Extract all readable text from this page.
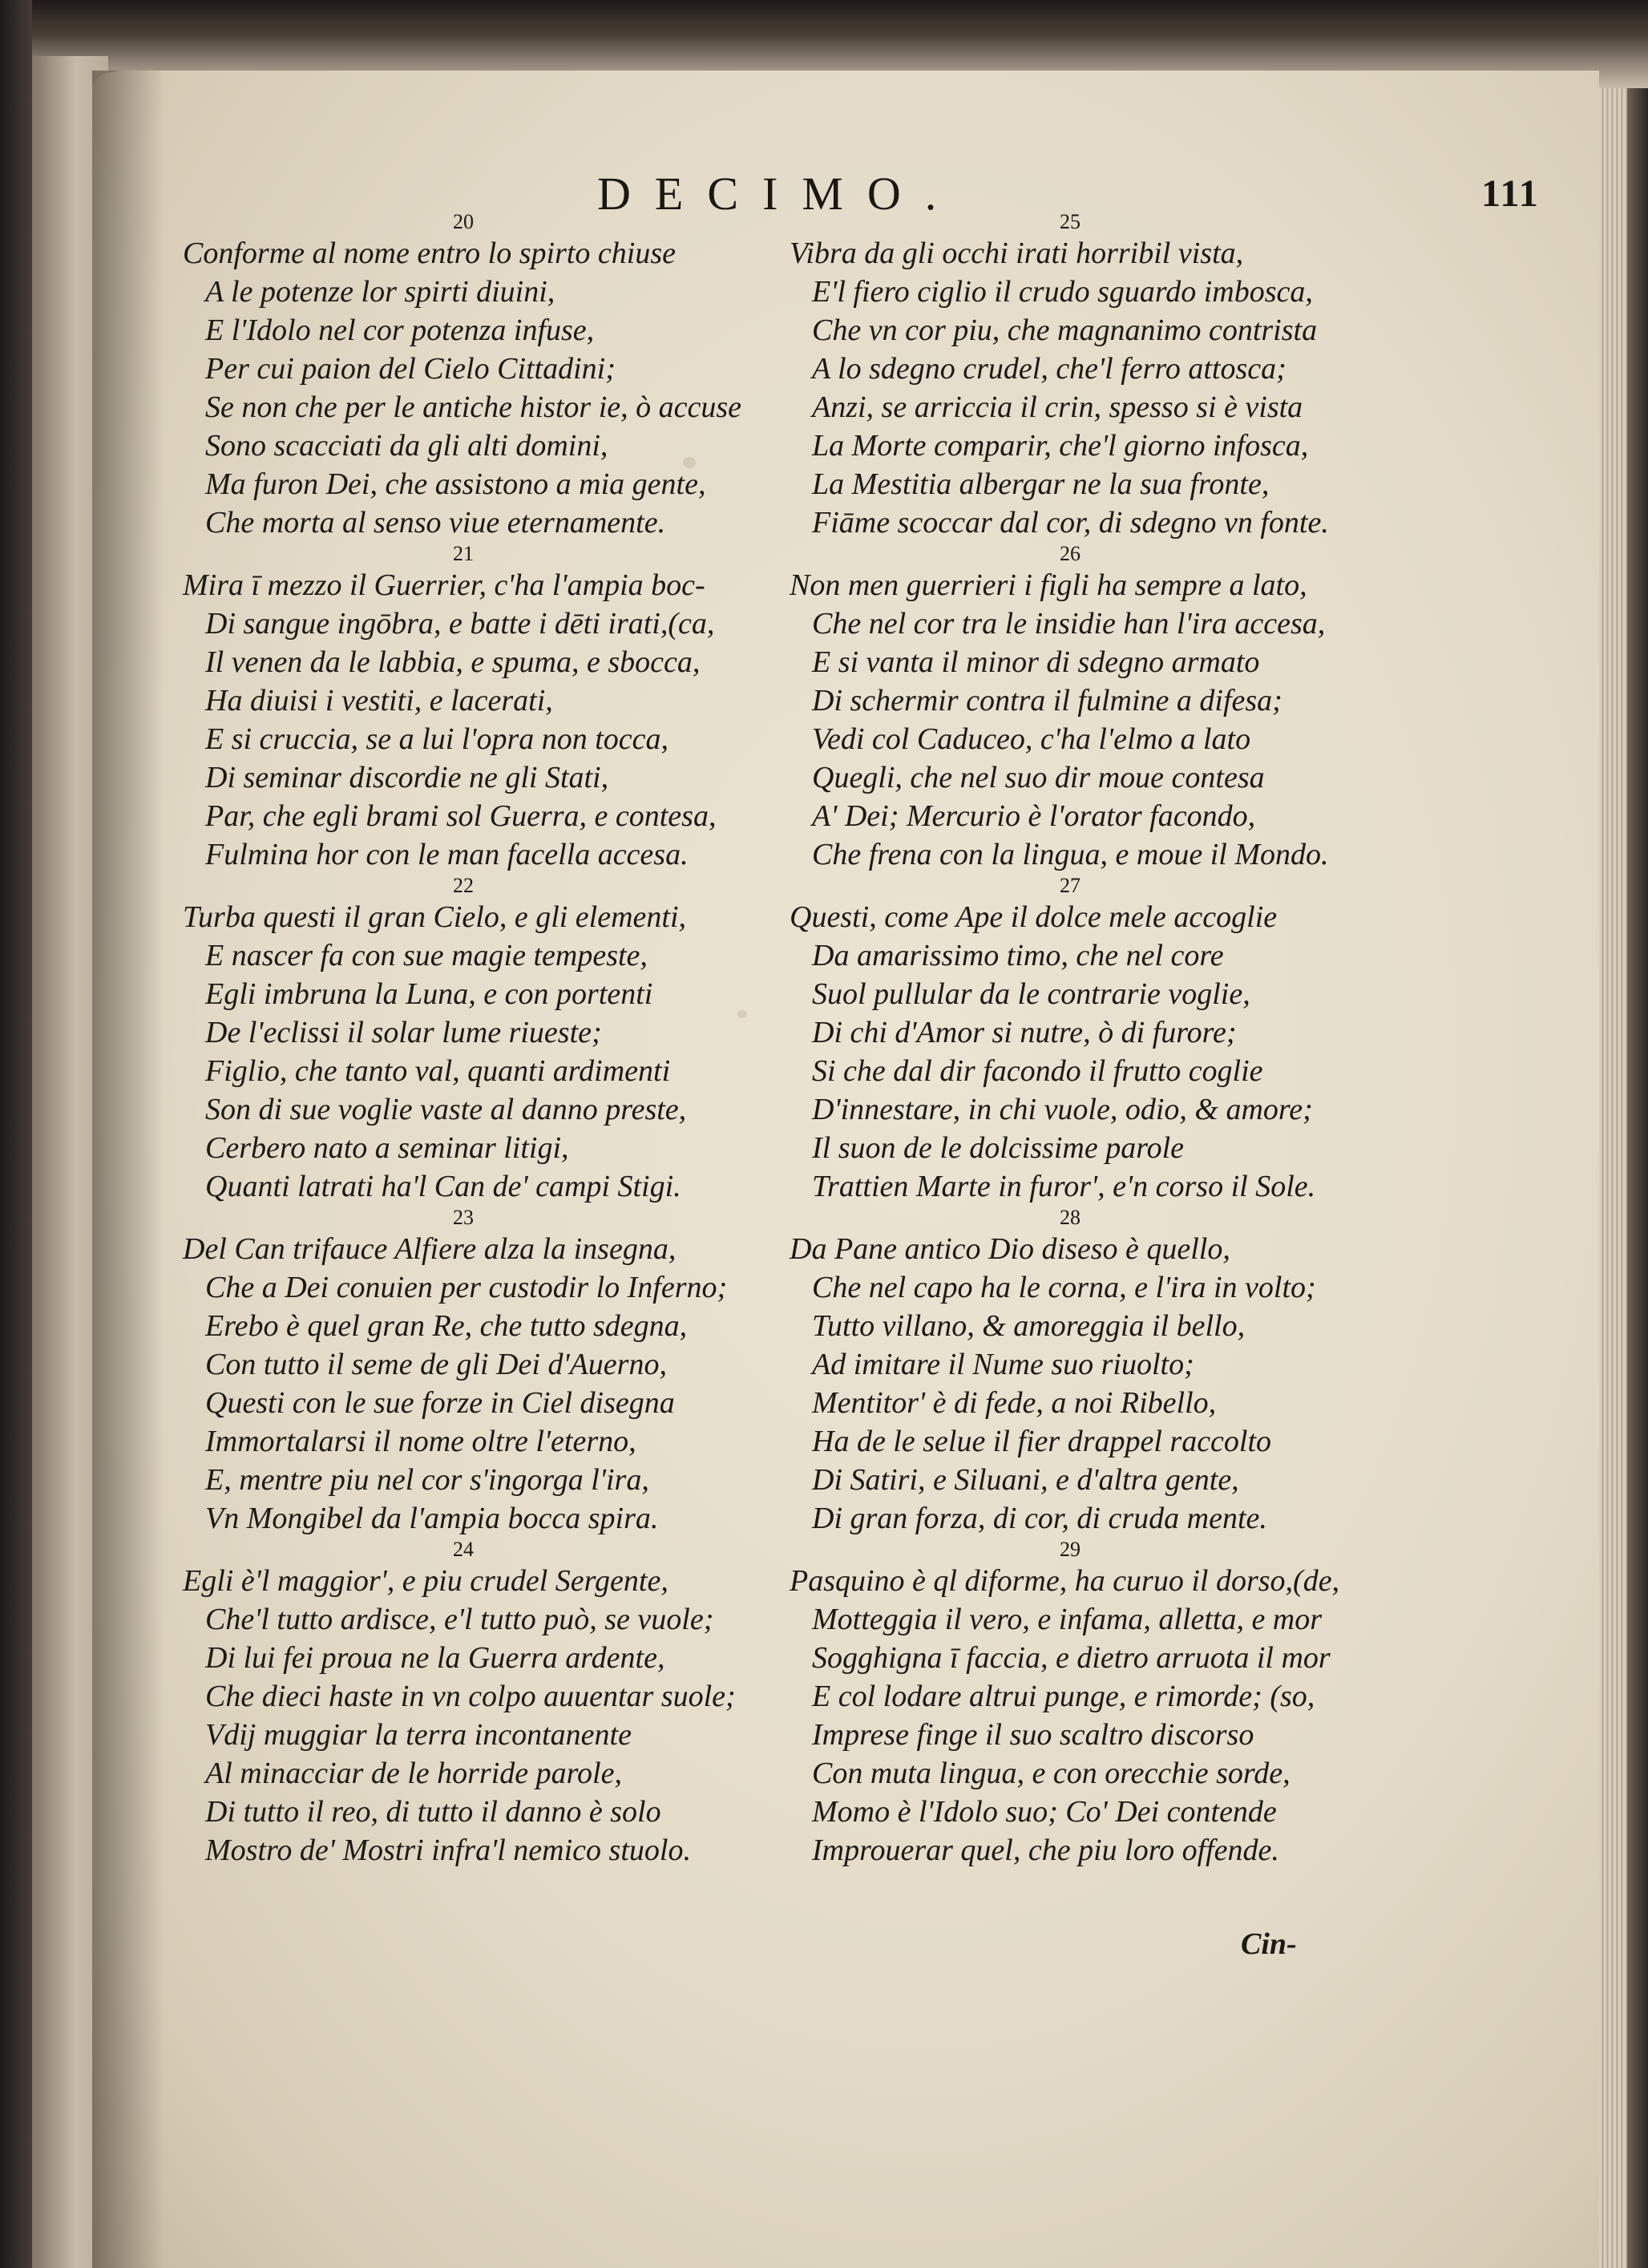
DECIMO.	111
20
Conforme al nome entro lo spirto chiuse
A le potenze lor spirti diuini,
E l'Idolo nel cor potenza infuse,
Per cui paion del Cielo Cittadini;
Se non che per le antiche histor ie, ò accuse
Sono scacciati da gli alti domini,
Ma furon Dei, che assistono a mia gente,
Che morta al senso viue eternamente.
21
Mira ī mezzo il Guerrier, c'ha l'ampia boc-
Di sangue ingōbra, e batte i dēti irati,(ca,
Il venen da le labbia, e spuma, e sbocca,
Ha diuisi i vestiti, e lacerati,
E si cruccia, se a lui l'opra non tocca,
Di seminar discordie ne gli Stati,
Par, che egli brami sol Guerra, e contesa,
Fulmina hor con le man facella accesa.
22
Turba questi il gran Cielo, e gli elementi,
E nascer fa con sue magie tempeste,
Egli imbruna la Luna, e con portenti
De l'eclissi il solar lume riueste;
Figlio, che tanto val, quanti ardimenti
Son di sue voglie vaste al danno preste,
Cerbero nato a seminar litigi,
Quanti latrati ha'l Can de' campi Stigi.
23
Del Can trifauce Alfiere alza la insegna,
Che a Dei conuien per custodir lo Inferno;
Erebo è quel gran Re, che tutto sdegna,
Con tutto il seme de gli Dei d'Auerno,
Questi con le sue forze in Ciel disegna
Immortalarsi il nome oltre l'eterno,
E, mentre piu nel cor s'ingorga l'ira,
Vn Mongibel da l'ampia bocca spira.
24
Egli è'l maggior', e piu crudel Sergente,
Che'l tutto ardisce, e'l tutto può, se vuole;
Di lui fei proua ne la Guerra ardente,
Che dieci haste in vn colpo auuentar suole;
Vdij muggiar la terra incontanente
Al minacciar de le horride parole,
Di tutto il reo, di tutto il danno è solo
Mostro de' Mostri infra'l nemico stuolo.
25
Vibra da gli occhi irati horribil vista,
E'l fiero ciglio il crudo sguardo imbosca,
Che vn cor piu, che magnanimo contrista
A lo sdegno crudel, che'l ferro attosca;
Anzi, se arriccia il crin, spesso si è vista
La Morte comparir, che'l giorno infosca,
La Mestitia albergar ne la sua fronte,
Fiāme scoccar dal cor, di sdegno vn fonte.
26
Non men guerrieri i figli ha sempre a lato,
Che nel cor tra le insidie han l'ira accesa,
E si vanta il minor di sdegno armato
Di schermir contra il fulmine a difesa;
Vedi col Caduceo, c'ha l'elmo a lato
Quegli, che nel suo dir moue contesa
A' Dei; Mercurio è l'orator facondo,
Che frena con la lingua, e moue il Mondo.
27
Questi, come Ape il dolce mele accoglie
Da amarissimo timo, che nel core
Suol pullular da le contrarie voglie,
Di chi d'Amor si nutre, ò di furore;
Si che dal dir facondo il frutto coglie
D'innestare, in chi vuole, odio, & amore;
Il suon de le dolcissime parole
Trattien Marte in furor', e'n corso il Sole.
28
Da Pane antico Dio diseso è quello,
Che nel capo ha le corna, e l'ira in volto;
Tutto villano, & amoreggia il bello,
Ad imitare il Nume suo riuolto;
Mentitor' è di fede, a noi Ribello,
Ha de le selue il fier drappel raccolto
Di Satiri, e Siluani, e d'altra gente,
Di gran forza, di cor, di cruda mente.
29
Pasquino è ql diforme, ha curuo il dorso,(de,
Motteggia il vero, e infama, alletta, e mor
Sogghigna ī faccia, e dietro arruota il mor
E col lodare altrui punge, e rimorde; (so,
Imprese finge il suo scaltro discorso
Con muta lingua, e con orecchie sorde,
Momo è l'Idolo suo; Co' Dei contende
Improuerar quel, che piu loro offende.
Cin-
